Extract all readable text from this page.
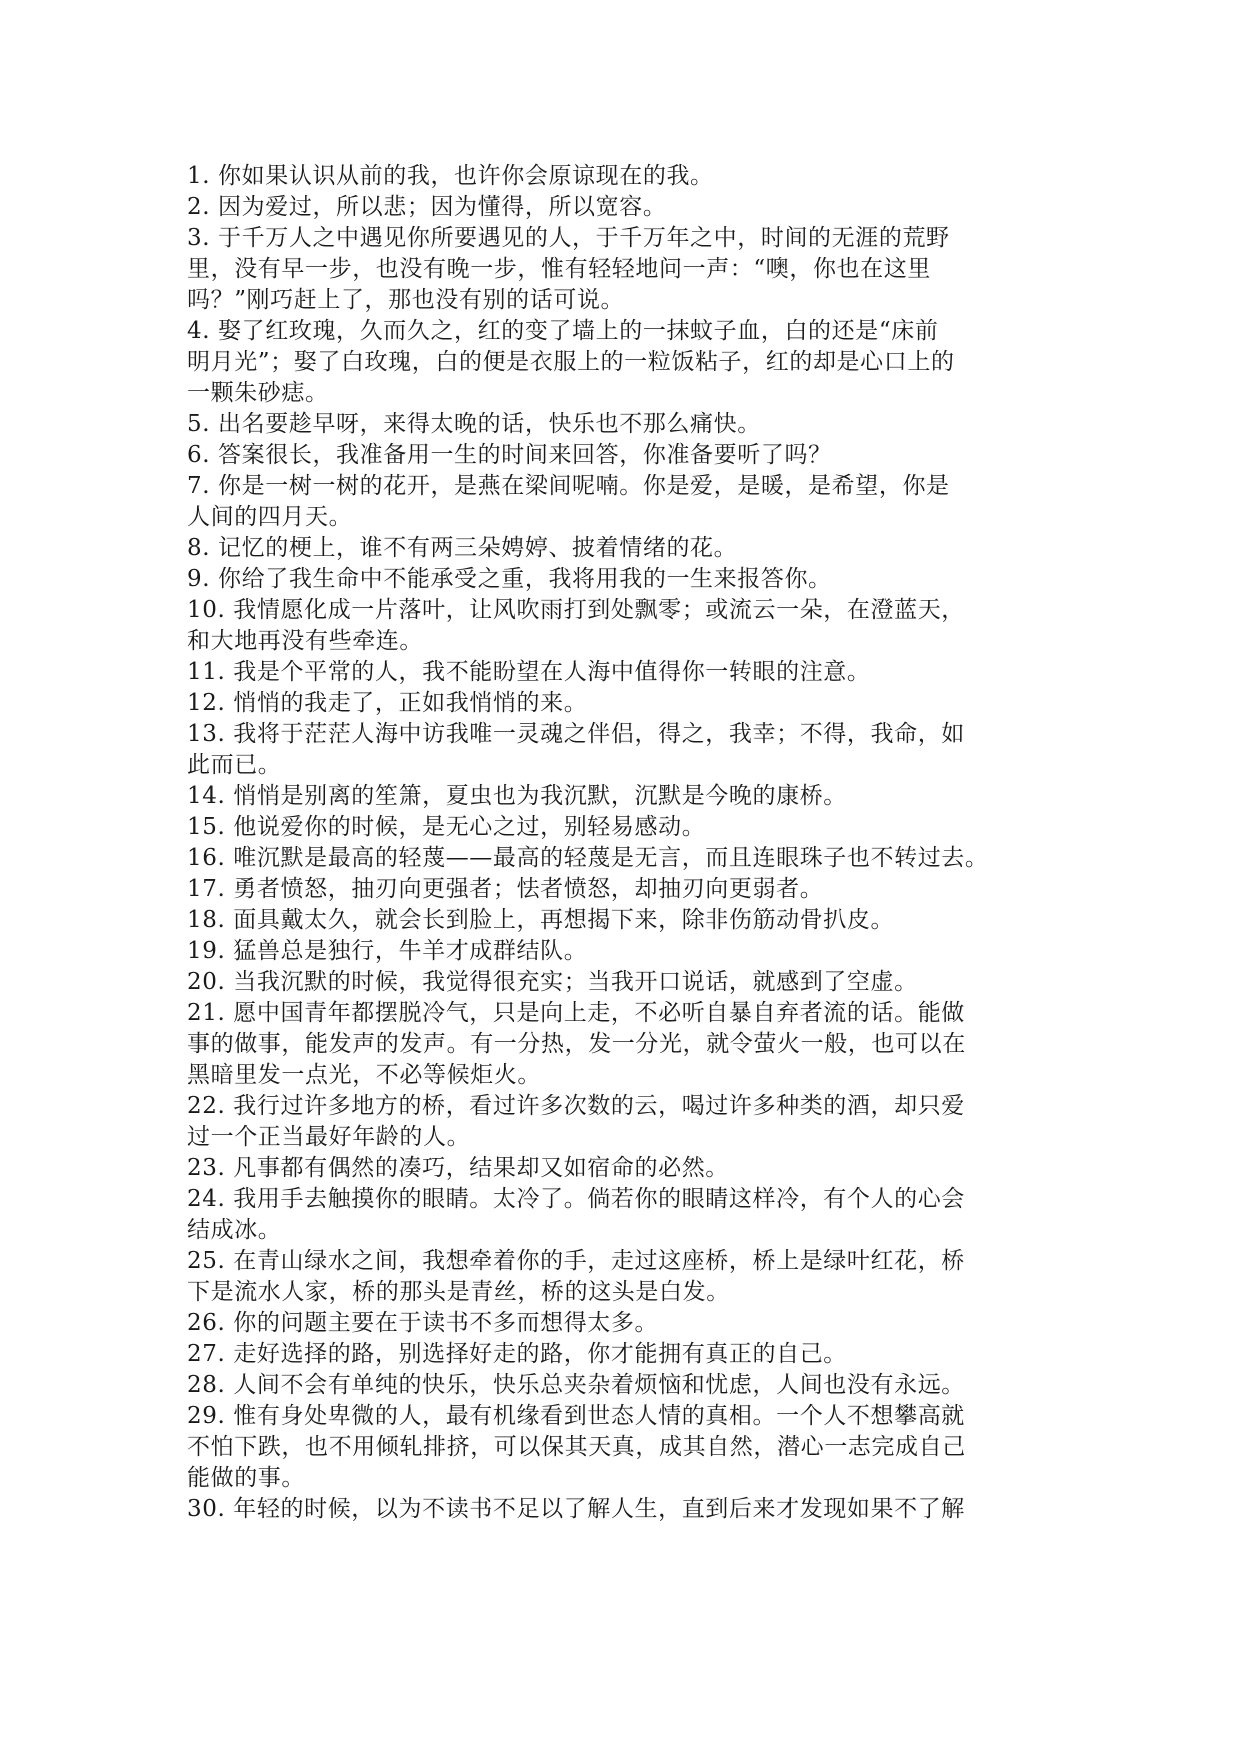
1. 你如果认识从前的我，也许你会原谅现在的我。

2. 因为爱过，所以悲；因为懂得，所以宽容。

3. 于千万人之中遇见你所要遇见的人，于千万年之中，时间的无涯的荒野

里，没有早一步，也没有晚一步，惟有轻轻地问一声：“噢，你也在这里

吗？”刚巧赶上了，那也没有别的话可说。

4. 娶了红玫瑰，久而久之，红的变了墙上的一抹蚊子血，白的还是“床前

明月光”；娶了白玫瑰，白的便是衣服上的一粒饭粘子，红的却是心口上的

一颗朱砂痣。

5. 出名要趁早呀，来得太晚的话，快乐也不那么痛快。

6. 答案很长，我准备用一生的时间来回答，你准备要听了吗？

7. 你是一树一树的花开，是燕在梁间呢喃。你是爱，是暖，是希望，你是

人间的四月天。

8. 记忆的梗上，谁不有两三朵娉婷、披着情绪的花。

9. 你给了我生命中不能承受之重，我将用我的一生来报答你。

10. 我情愿化成一片落叶，让风吹雨打到处飘零；或流云一朵，在澄蓝天，

和大地再没有些牵连。

11. 我是个平常的人，我不能盼望在人海中值得你一转眼的注意。

12. 悄悄的我走了，正如我悄悄的来。

13. 我将于茫茫人海中访我唯一灵魂之伴侣，得之，我幸；不得，我命，如

此而已。

14. 悄悄是别离的笙箫，夏虫也为我沉默，沉默是今晚的康桥。

15. 他说爱你的时候，是无心之过，别轻易感动。

16. 唯沉默是最高的轻蔑——最高的轻蔑是无言，而且连眼珠子也不转过去。

17. 勇者愤怒，抽刃向更强者；怯者愤怒，却抽刃向更弱者。

18. 面具戴太久，就会长到脸上，再想揭下来，除非伤筋动骨扒皮。

19. 猛兽总是独行，牛羊才成群结队。

20. 当我沉默的时候，我觉得很充实；当我开口说话，就感到了空虚。

21. 愿中国青年都摆脱冷气，只是向上走，不必听自暴自弃者流的话。能做

事的做事，能发声的发声。有一分热，发一分光，就令萤火一般，也可以在

黑暗里发一点光，不必等候炬火。

22. 我行过许多地方的桥，看过许多次数的云，喝过许多种类的酒，却只爱

过一个正当最好年龄的人。

23. 凡事都有偶然的凑巧，结果却又如宿命的必然。

24. 我用手去触摸你的眼睛。太冷了。倘若你的眼睛这样冷，有个人的心会

结成冰。

25. 在青山绿水之间，我想牵着你的手，走过这座桥，桥上是绿叶红花，桥

下是流水人家，桥的那头是青丝，桥的这头是白发。

26. 你的问题主要在于读书不多而想得太多。

27. 走好选择的路，别选择好走的路，你才能拥有真正的自己。

28. 人间不会有单纯的快乐，快乐总夹杂着烦恼和忧虑，人间也没有永远。

29. 惟有身处卑微的人，最有机缘看到世态人情的真相。一个人不想攀高就

不怕下跌，也不用倾轧排挤，可以保其天真，成其自然，潜心一志完成自己

能做的事。

30. 年轻的时候，以为不读书不足以了解人生，直到后来才发现如果不了解
